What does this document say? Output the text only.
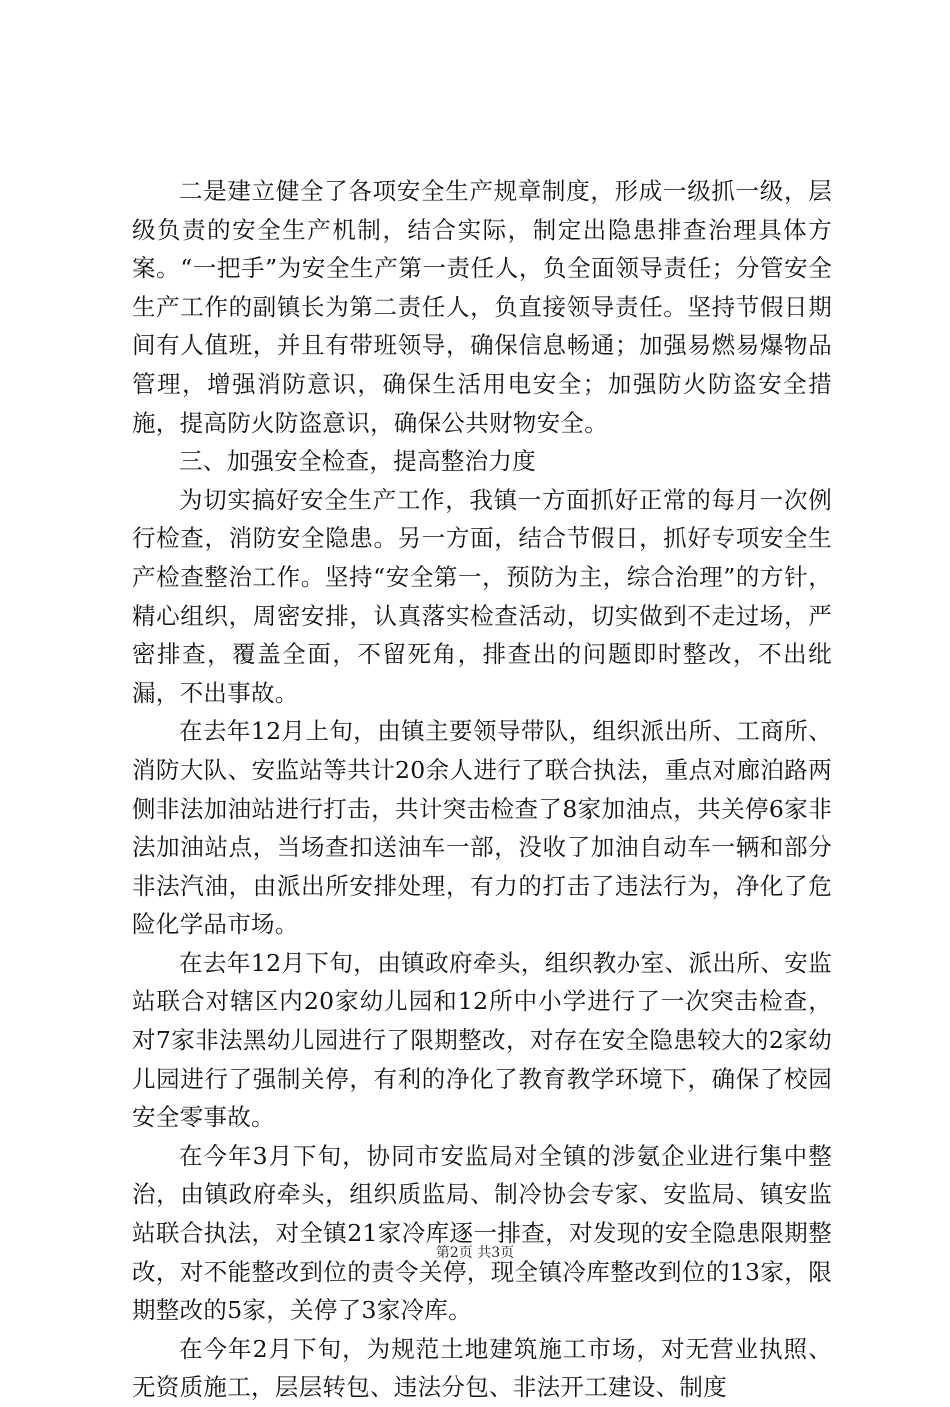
二是建立健全了各项安全生产规章制度，形成一级抓一级，层级负责的安全生产机制，结合实际，制定出隐患排查治理具体方案。“一把手”为安全生产第一责任人，负全面领导责任；分管安全生产工作的副镇长为第二责任人，负直接领导责任。坚持节假日期间有人值班，并且有带班领导，确保信息畅通；加强易燃易爆物品管理，增强消防意识，确保生活用电安全；加强防火防盗安全措施，提高防火防盗意识，确保公共财物安全。

三、加强安全检查，提高整治力度

为切实搞好安全生产工作，我镇一方面抓好正常的每月一次例行检查，消防安全隐患。另一方面，结合节假日，抓好专项安全生产检查整治工作。坚持“安全第一，预防为主，综合治理”的方针，精心组织，周密安排，认真落实检查活动，切实做到不走过场，严密排查，覆盖全面，不留死角，排查出的问题即时整改，不出纰漏，不出事故。

在去年12月上旬，由镇主要领导带队，组织派出所、工商所、消防大队、安监站等共计20余人进行了联合执法，重点对廊泊路两侧非法加油站进行打击，共计突击检查了8家加油点，共关停6家非法加油站点，当场查扣送油车一部，没收了加油自动车一辆和部分非法汽油，由派出所安排处理，有力的打击了违法行为，净化了危险化学品市场。

在去年12月下旬，由镇政府牵头，组织教办室、派出所、安监站联合对辖区内20家幼儿园和12所中小学进行了一次突击检查，对7家非法黑幼儿园进行了限期整改，对存在安全隐患较大的2家幼儿园进行了强制关停，有利的净化了教育教学环境下，确保了校园安全零事故。

在今年3月下旬，协同市安监局对全镇的涉氨企业进行集中整治，由镇政府牵头，组织质监局、制冷协会专家、安监局、镇安监站联合执法，对全镇21家冷库逐一排查，对发现的安全隐患限期整改，对不能整改到位的责令关停，现全镇冷库整改到位的13家，限期整改的5家，关停了3家冷库。

在今年2月下旬，为规范土地建筑施工市场，对无营业执照、无资质施工，层层转包、违法分包、非法开工建设、制度

第2页 共3页
